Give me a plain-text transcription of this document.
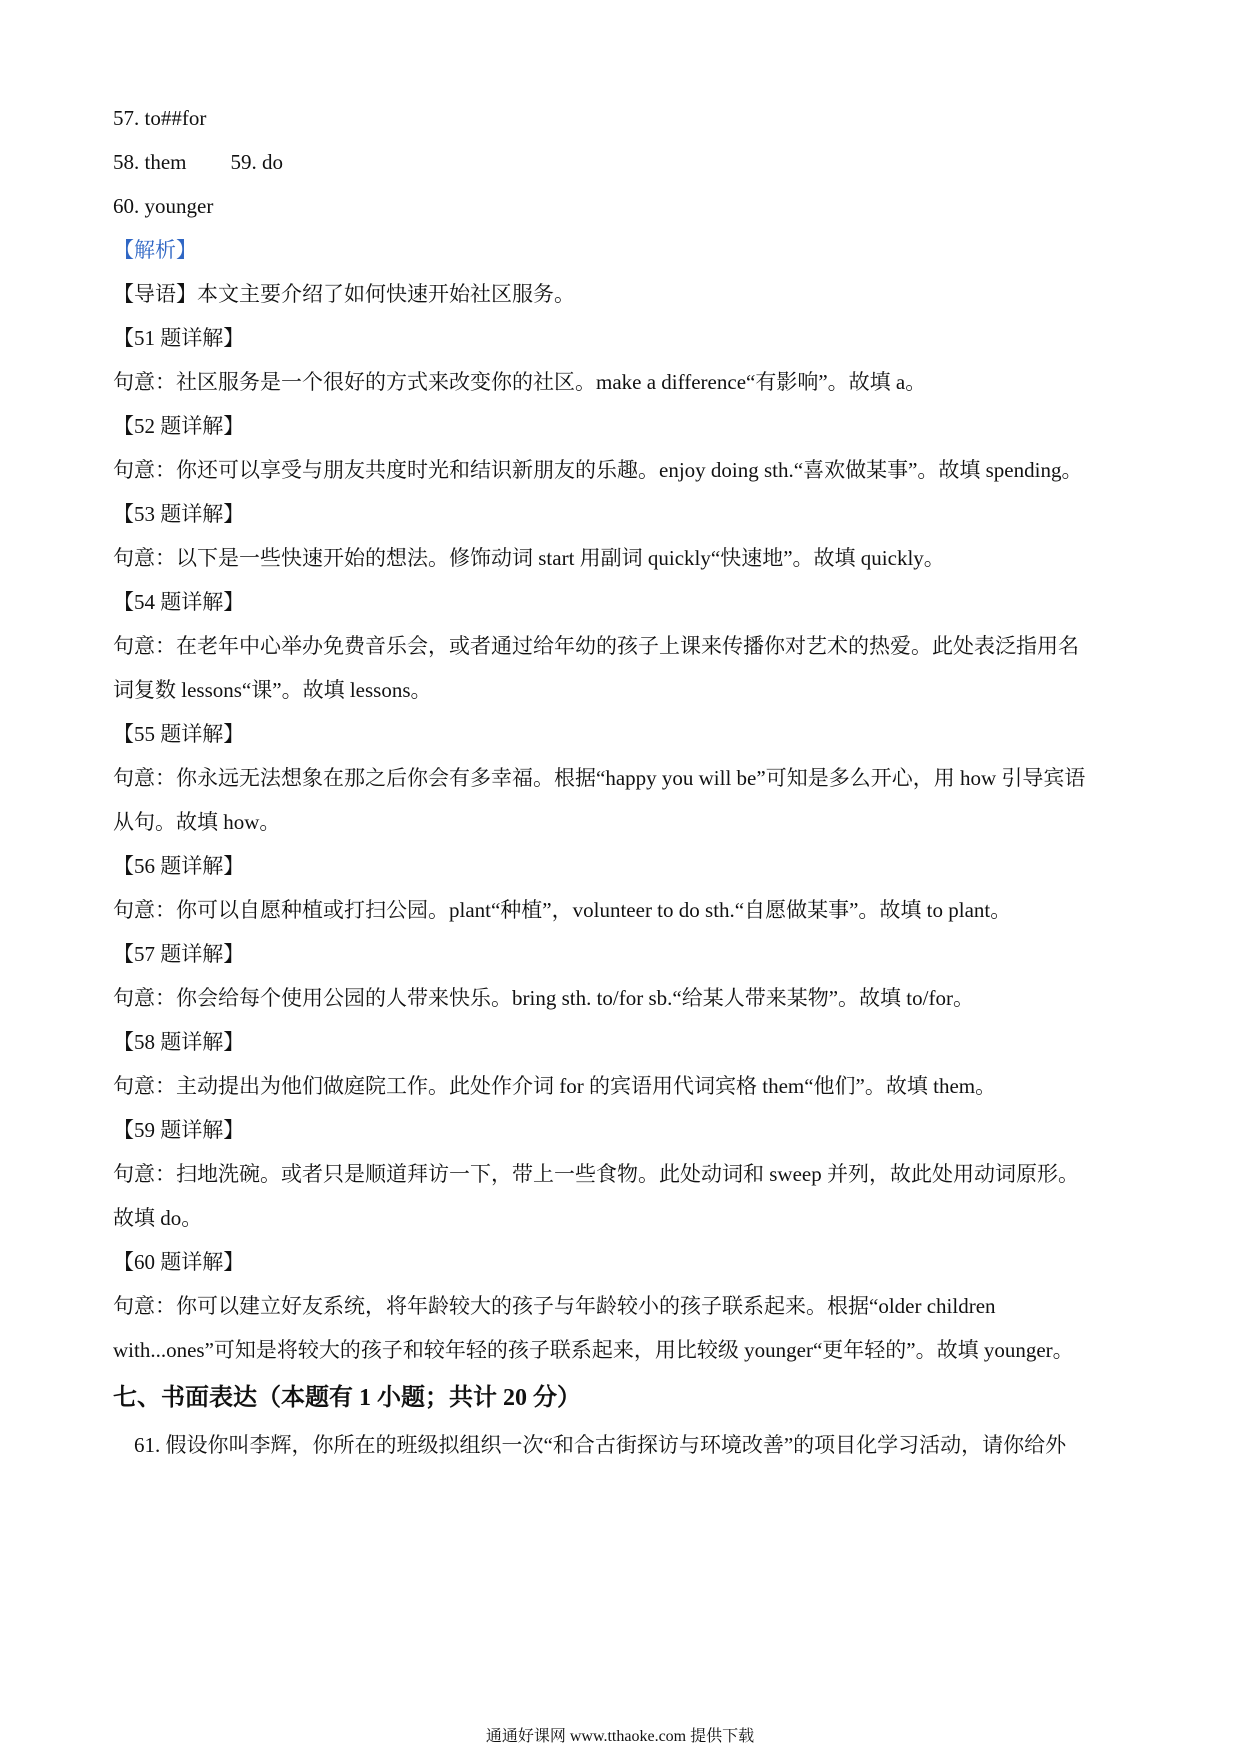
57. to##for
58. them 59. do
60. younger
【解析】
【导语】本文主要介绍了如何快速开始社区服务。
【51 题详解】
句意：社区服务是一个很好的方式来改变你的社区。make a difference“有影响”。故填 a。
【52 题详解】
句意：你还可以享受与朋友共度时光和结识新朋友的乐趣。enjoy doing sth.“喜欢做某事”。故填 spending。
【53 题详解】
句意：以下是一些快速开始的想法。修饰动词 start 用副词 quickly“快速地”。故填 quickly。
【54 题详解】
句意：在老年中心举办免费音乐会，或者通过给年幼的孩子上课来传播你对艺术的热爱。此处表泛指用名
词复数 lessons“课”。故填 lessons。
【55 题详解】
句意：你永远无法想象在那之后你会有多幸福。根据“happy you will be”可知是多么开心，用 how 引导宾语
从句。故填 how。
【56 题详解】
句意：你可以自愿种植或打扫公园。plant“种植”，volunteer to do sth.“自愿做某事”。故填 to plant。
【57 题详解】
句意：你会给每个使用公园的人带来快乐。bring sth. to/for sb.“给某人带来某物”。故填 to/for。
【58 题详解】
句意：主动提出为他们做庭院工作。此处作介词 for 的宾语用代词宾格 them“他们”。故填 them。
【59 题详解】
句意：扫地洗碗。或者只是顺道拜访一下，带上一些食物。此处动词和 sweep 并列，故此处用动词原形。
故填 do。
【60 题详解】
句意：你可以建立好友系统，将年龄较大的孩子与年龄较小的孩子联系起来。根据“older children
with...ones”可知是将较大的孩子和较年轻的孩子联系起来，用比较级 younger“更年轻的”。故填 younger。
七、书面表达（本题有 1 小题；共计 20 分）
61. 假设你叫李辉，你所在的班级拟组织一次“和合古街探访与环境改善”的项目化学习活动，请你给外
通通好课网 www.tthaoke.com 提供下载
